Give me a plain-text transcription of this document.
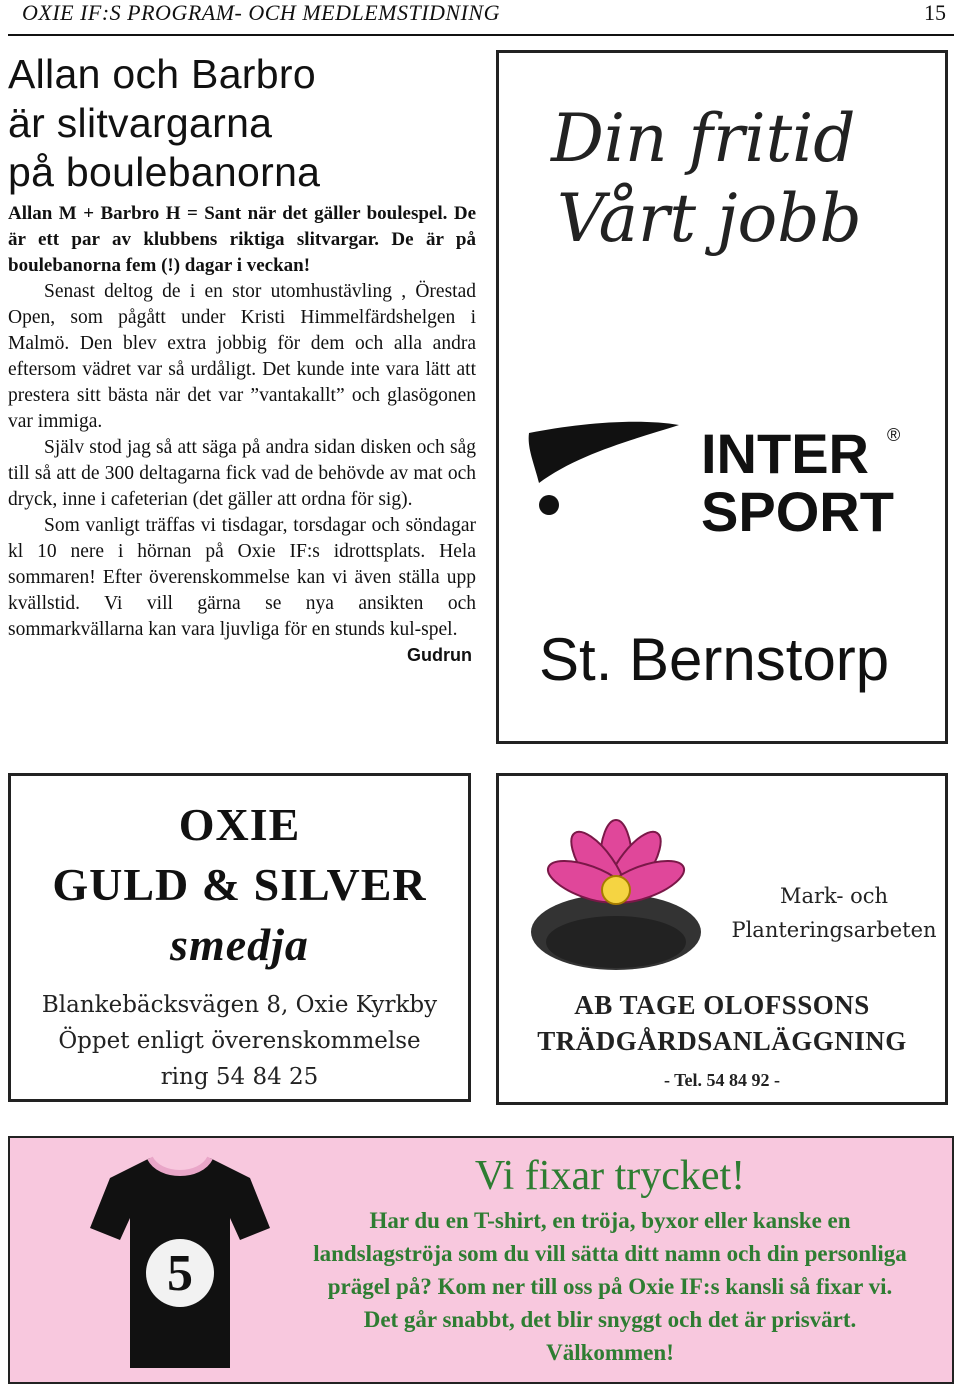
OXIE IF:S PROGRAM- OCH MEDLEMSTIDNING	15
Allan och Barbro
är slitvargarna
på boulebanorna

Allan M + Barbro H = Sant när det gäller boulespel. De är ett par av klubbens riktiga slitvargar. De är på boulebanorna fem (!) dagar i veckan!

Senast deltog de i en stor utomhustävling , Örestad Open, som pågått under Kristi Himmelfärdshelgen i Malmö. Den blev extra jobbig för dem och alla andra eftersom vädret var så urdåligt. Det kunde inte vara lätt att prestera sitt bästa när det var ”vantakallt” och glasögonen var immiga.

Själv stod jag så att säga på andra sidan disken och såg till så att de 300 deltagarna fick vad de behövde av mat och dryck, inne i cafeterian (det gäller att ordna för sig).

Som vanligt träffas vi tisdagar, torsdagar och söndagar kl 10 nere i hörnan på Oxie IF:s idrottsplats. Hela sommaren! Efter överenskommelse kan vi även ställa upp kvällstid. Vi vill gärna se nya ansikten och sommarkvällarna kan vara ljuvliga för en stunds kul-spel.

Gudrun
Din fritid
Vårt jobb
INTER
SPORT
®
St. Bernstorp
OXIE
GULD & SILVER
smedja
Blankebäcksvägen 8, Oxie Kyrkby
Öppet enligt överenskommelse
ring 54 84 25
Mark- och
Planteringsarbeten
AB TAGE OLOFSSONS
TRÄDGÅRDSANLÄGGNING
- Tel. 54 84 92 -
5
Vi fixar trycket!
Har du en T-shirt, en tröja, byxor eller kanske en landslagströja som du vill sätta ditt namn och din personliga prägel på? Kom ner till oss på Oxie IF:s kansli så fixar vi. Det går snabbt, det blir snyggt och det är prisvärt. Välkommen!
